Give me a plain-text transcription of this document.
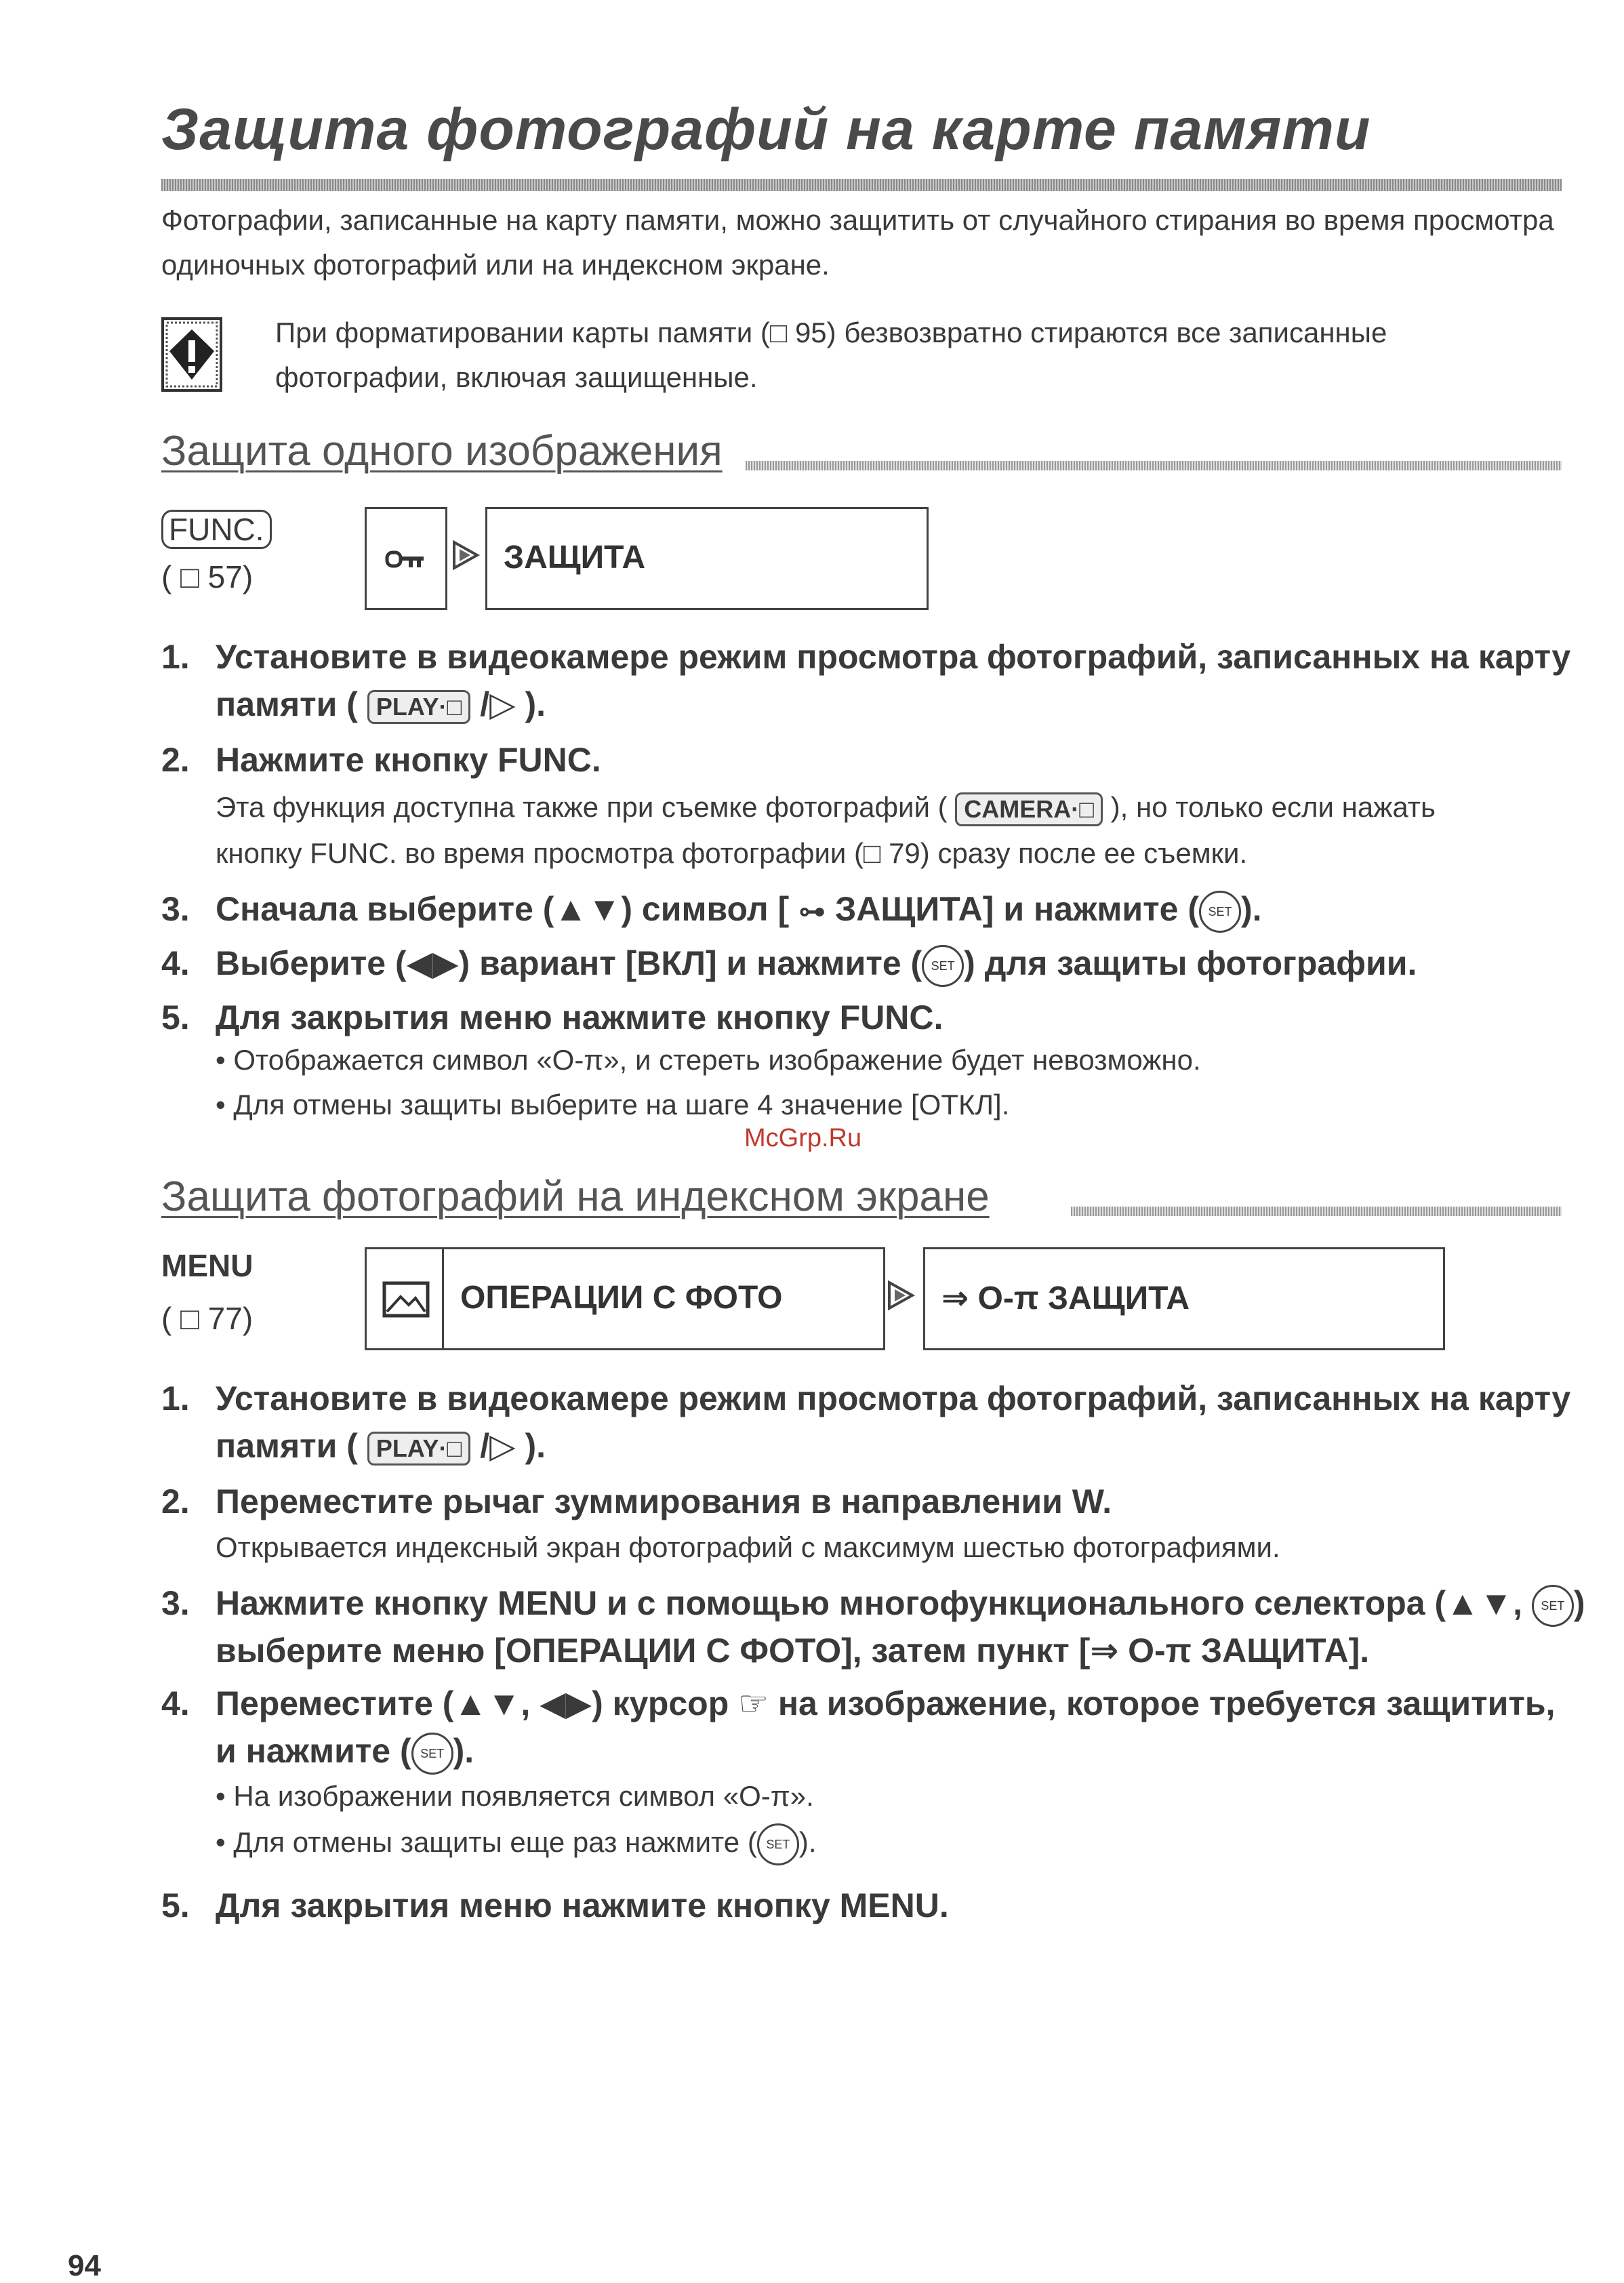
Защита фотографий на карте памяти
Фотографии, записанные на карту памяти, можно защитить от случайного стирания во время просмотра одиночных фотографий или на индексном экране.
При форматировании карты памяти (□ 95) безвозвратно стираются все записанные фотографии, включая защищенные.
Защита одного изображения
FUNC.
( □ 57)
ЗАЩИТА
1. Установите в видеокамере режим просмотра фотографий, записанных на карту
памяти ( PLAY·□ /▷ ).
2. Нажмите кнопку FUNC.
Эта функция доступна также при съемке фотографий ( CAMERA·□ ), но только если нажать
кнопку FUNC. во время просмотра фотографии (□ 79) сразу после ее съемки.
3. Сначала выберите (▲▼) символ [ ⊶ ЗАЩИТА] и нажмите ( SET ).
4. Выберите (◀▶) вариант [ВКЛ] и нажмите ( SET ) для защиты фотографии.
5. Для закрытия меню нажмите кнопку FUNC.
• Отображается символ «O-π», и стереть изображение будет невозможно.
• Для отмены защиты выберите на шаге 4 значение [ОТКЛ].
McGrp.Ru
Защита фотографий на индексном экране
MENU
( □ 77)
ОПЕРАЦИИ С ФОТО	⇒ O-π ЗАЩИТА
1. Установите в видеокамере режим просмотра фотографий, записанных на карту
памяти ( PLAY·□ /▷ ).
2. Переместите рычаг зуммирования в направлении W.
Открывается индексный экран фотографий с максимум шестью фотографиями.
3. Нажмите кнопку MENU и с помощью многофункционального селектора (▲▼, SET )
выберите меню [ОПЕРАЦИИ С ФОТО], затем пункт [⇒ O-π ЗАЩИТА].
4. Переместите (▲▼, ◀▶) курсор ☞ на изображение, которое требуется защитить,
и нажмите ( SET ).
• На изображении появляется символ «O-π».
• Для отмены защиты еще раз нажмите ( SET ).
5. Для закрытия меню нажмите кнопку MENU.
94
